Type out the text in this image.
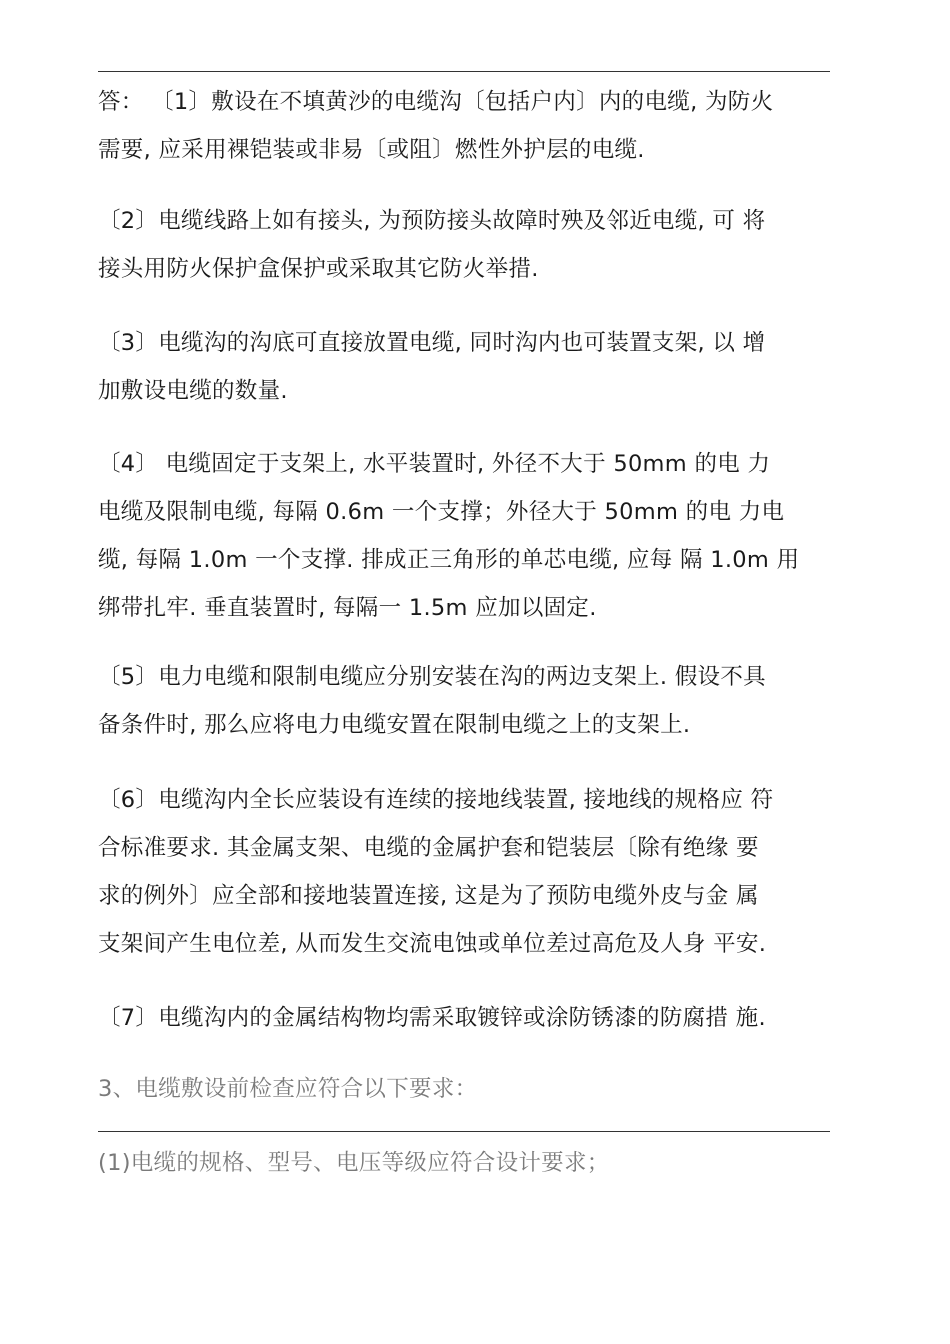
答： 〔1〕敷设在不填黄沙的电缆沟〔包括户内〕内的电缆, 为防火
需要, 应采用裸铠装或非易〔或阻〕燃性外护层的电缆.
〔2〕电缆线路上如有接头, 为预防接头故障时殃及邻近电缆, 可 将
接头用防火保护盒保护或采取其它防火举措.
〔3〕电缆沟的沟底可直接放置电缆, 同时沟内也可装置支架, 以 增
加敷设电缆的数量.
〔4〕 电缆固定于支架上, 水平装置时, 外径不大于 50mm 的电 力
电缆及限制电缆, 每隔 0.6m 一个支撑；外径大于 50mm 的电 力电
缆, 每隔 1.0m 一个支撑. 排成正三角形的单芯电缆, 应每 隔 1.0m 用
绑带扎牢. 垂直装置时, 每隔一 1.5m 应加以固定.
〔5〕电力电缆和限制电缆应分别安装在沟的两边支架上. 假设不具
备条件时, 那么应将电力电缆安置在限制电缆之上的支架上.
〔6〕电缆沟内全长应装设有连续的接地线装置, 接地线的规格应 符
合标准要求. 其金属支架、电缆的金属护套和铠装层〔除有绝缘 要
求的例外〕应全部和接地装置连接, 这是为了预防电缆外皮与金 属
支架间产生电位差, 从而发生交流电蚀或单位差过高危及人身 平安.
〔7〕电缆沟内的金属结构物均需采取镀锌或涂防锈漆的防腐措 施.
3、电缆敷设前检查应符合以下要求：
(1)电缆的规格、型号、电压等级应符合设计要求；
